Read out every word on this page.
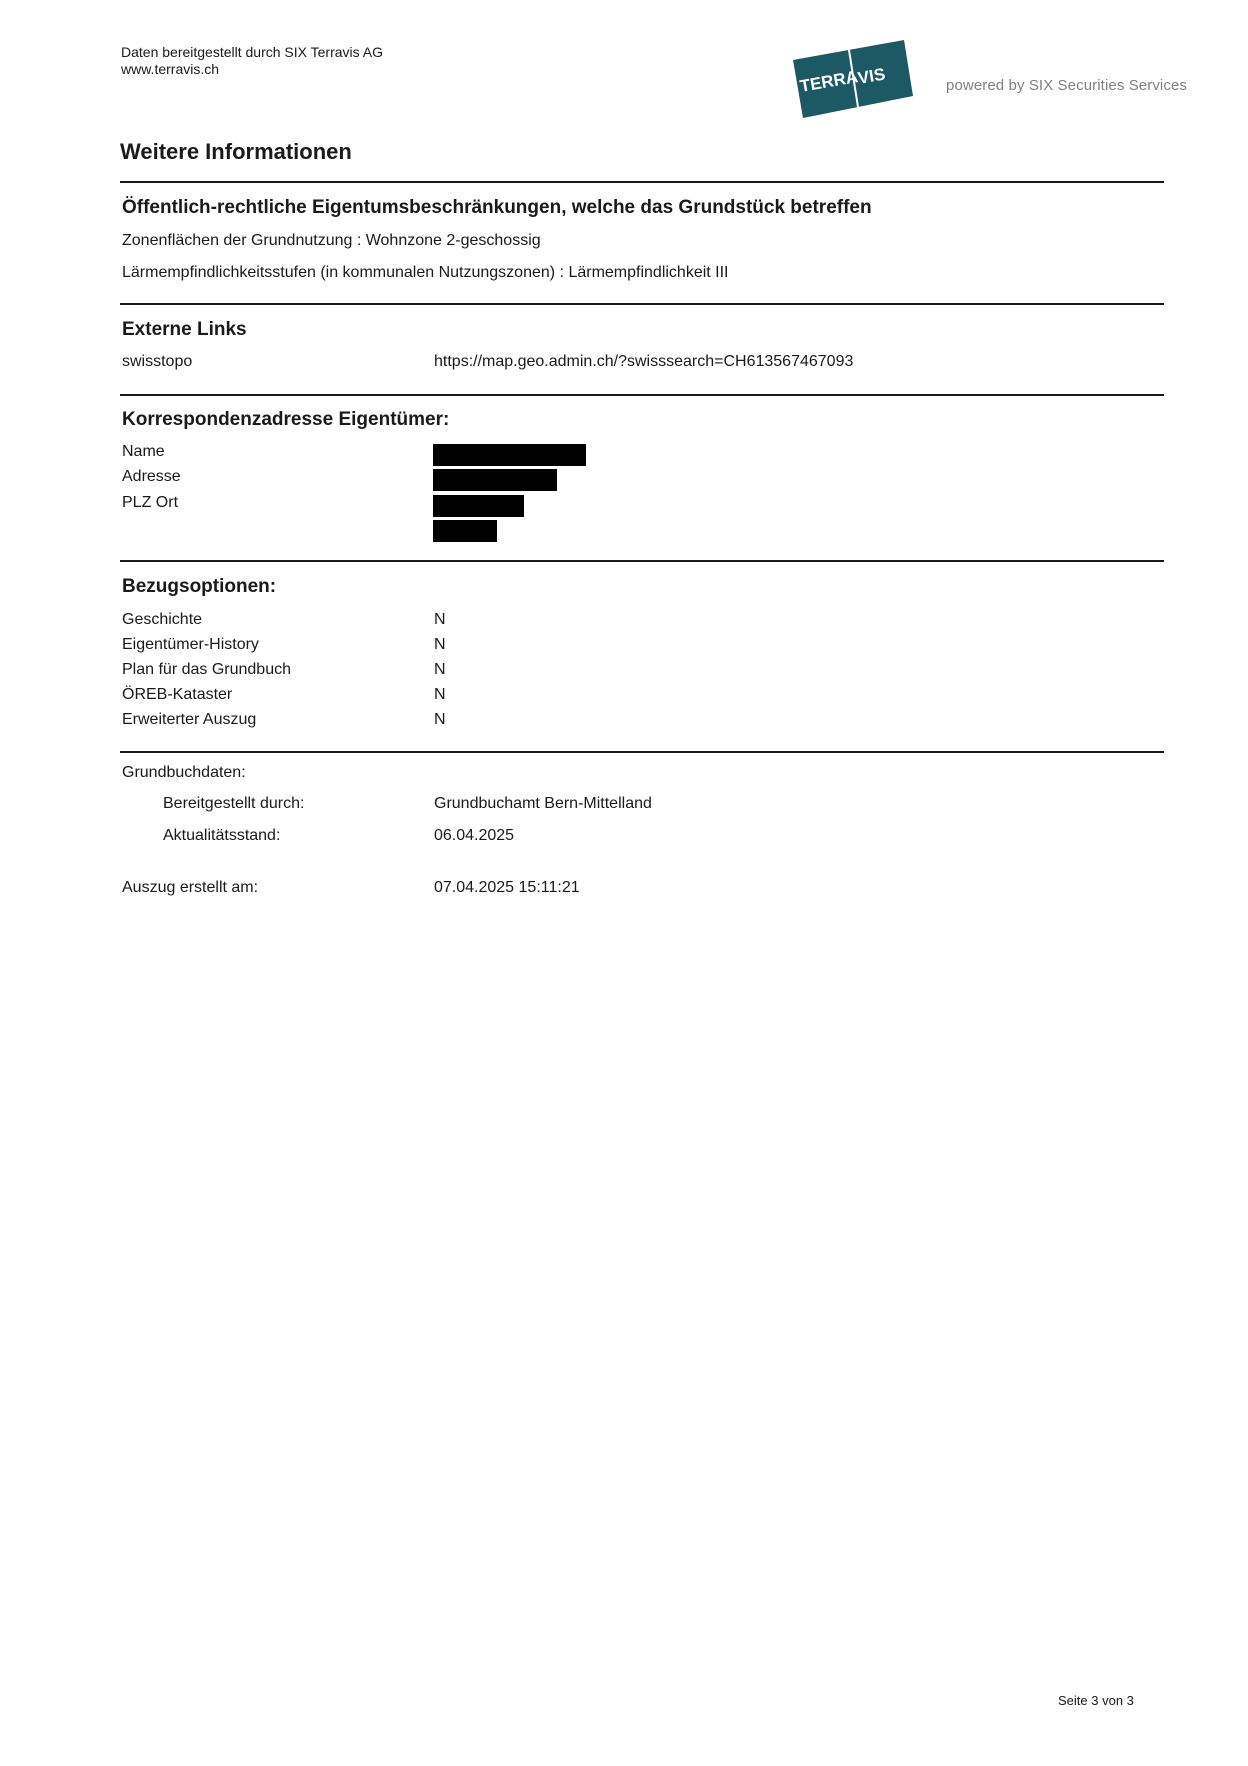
Daten bereitgestellt durch SIX Terravis AG
www.terravis.ch	TERRA
VIS	powered by SIX Securities Services
Weitere Informationen
Öffentlich-rechtliche Eigentumsbeschränkungen, welche das Grundstück betreffen
Zonenflächen der Grundnutzung : Wohnzone 2-geschossig
Lärmempfindlichkeitsstufen (in kommunalen Nutzungszonen) : Lärmempfindlichkeit III
Externe Links
swisstopo	https://map.geo.admin.ch/?swisssearch=CH613567467093
Korrespondenzadresse Eigentümer:
Name
Adresse
PLZ Ort
Bezugsoptionen:
Geschichte	N
Eigentümer-History	N
Plan für das Grundbuch	N
ÖREB-Kataster	N
Erweiterter Auszug	N
Grundbuchdaten:
Bereitgestellt durch:	Grundbuchamt Bern-Mittelland
Aktualitätsstand:	06.04.2025
Auszug erstellt am:	07.04.2025 15:11:21
Seite 3 von 3
